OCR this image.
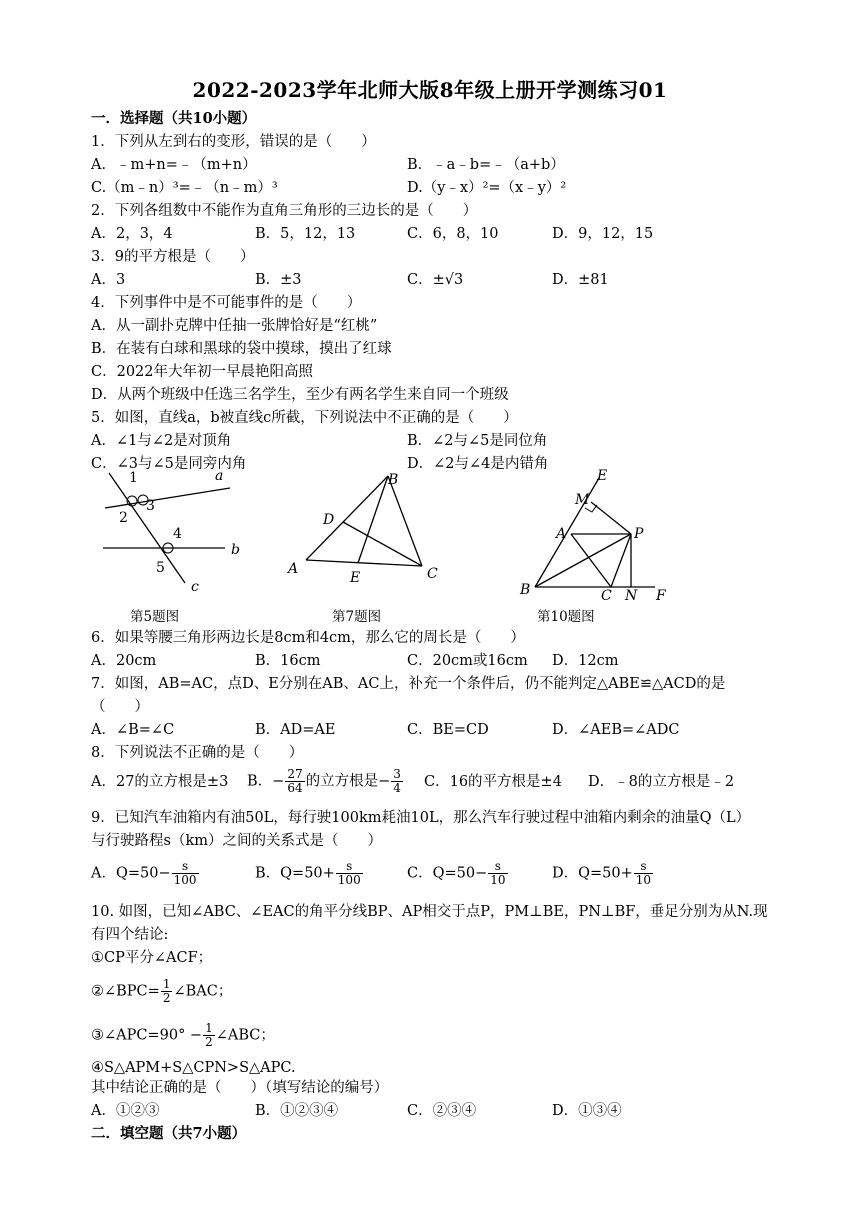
2022-2023学年北师大版8年级上册开学测练习01
一．选择题（共10小题）
1．下列从左到右的变形，错误的是（　　）
A．﹣m+n=﹣（m+n）	B．﹣a﹣b=﹣（a+b）
C.（m﹣n）³=﹣（n﹣m）³	D.（y﹣x）²=（x﹣y）²
2．下列各组数中不能作为直角三角形的三边长的是（　　）
A．2，3，4	B．5，12，13	C．6，8，10	D．9，12，15
3．9的平方根是（　　）
A．3	B．±3	C．±√3	D．±81
4．下列事件中是不可能事件的是（　　）
A．从一副扑克牌中任抽一张牌恰好是“红桃”
B．在装有白球和黑球的袋中摸球，摸出了红球
C．2022年大年初一早晨艳阳高照
D．从两个班级中任选三名学生，至少有两名学生来自同一个班级
5．如图，直线a，b被直线c所截，下列说法中不正确的是（　　）
A．∠1与∠2是对顶角	B．∠2与∠5是同位角
C．∠3与∠5是同旁内角	D．∠2与∠4是内错角
a
b
c
1
2
3
4
5
第5题图
B
D
A
E	C
第7题图
E
M
A	P
B	C N F
第10题图
6．如果等腰三角形两边长是8cm和4cm，那么它的周长是（　　）
A．20cm	B．16cm	C．20cm或16cm D．12cm
7．如图，AB=AC，点D、E分别在AB、AC上，补充一个条件后，仍不能判定△ABE≌△ACD的是
（　　）
A．∠B=∠C	B．AD=AE	C．BE=CD	D．∠AEB=∠ADC
8．下列说法不正确的是（　　）
A．27的立方根是±3 B．− $\frac{27}{64}$ 的立方根是− $\frac{3}{4}$ C．16的平方根是±4 D．﹣8的立方根是﹣2
9．已知汽车油箱内有油50L，每行驶100km耗油10L，那么汽车行驶过程中油箱内剩余的油量Q（L）
与行驶路程s（km）之间的关系式是（　　）
A．$Q=50- \frac{s}{100}$	B．$Q=50+ \frac{s}{100}$	C．$Q=50- \frac{s}{10}$	D．$Q=50+ \frac{s}{10}$
10. 如图，已知∠ABC、∠EAC的角平分线BP、AP相交于点P，PM⊥BE，PN⊥BF，垂足分别为从N.现
有四个结论:
①CP平分∠ACF；
②∠BPC= $\frac{1}{2}$ ∠BAC；
③∠APC=90° − $\frac{1}{2}$ ∠ABC；
④S△APM+S△CPN>S△APC.
其中结论正确的是（　　）（填写结论的编号）
A．①②③	B．①②③④	C．②③④	D．①③④
二．填空题（共7小题）
